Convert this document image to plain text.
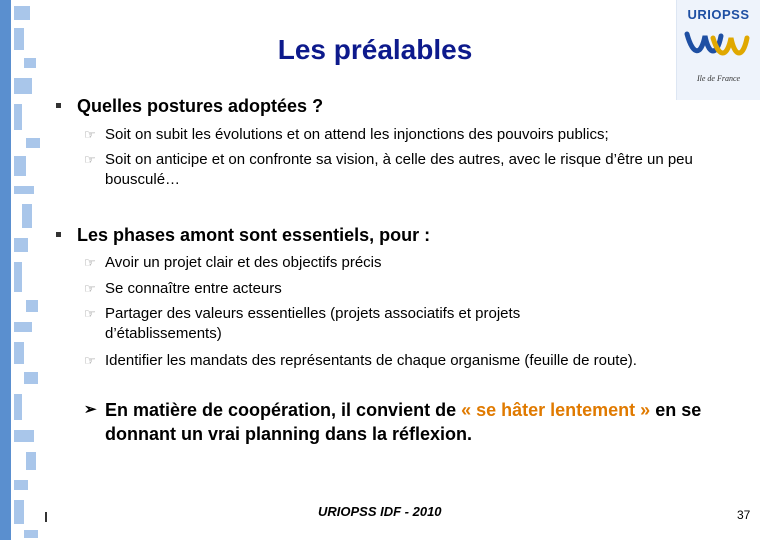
Les préalables
URIOPSS
Ile de France
Quelles postures adoptées ?
☞ Soit on subit les évolutions et on attend les injonctions des pouvoirs publics;
☞ Soit on anticipe et on confronte sa vision, à celle des autres, avec le risque d’être un peu bousculé…
Les phases amont sont essentiels, pour :
☞ Avoir un projet clair et des objectifs précis
☞ Se connaître entre acteurs
☞ Partager des valeurs essentielles (projets associatifs et projets d’établissements)
☞ Identifier les mandats des représentants de chaque organisme (feuille de route).
➢ En matière de coopération, il convient de « se hâter lentement » en se donnant un vrai planning dans la réflexion.
URIOPSS IDF - 2010	37
